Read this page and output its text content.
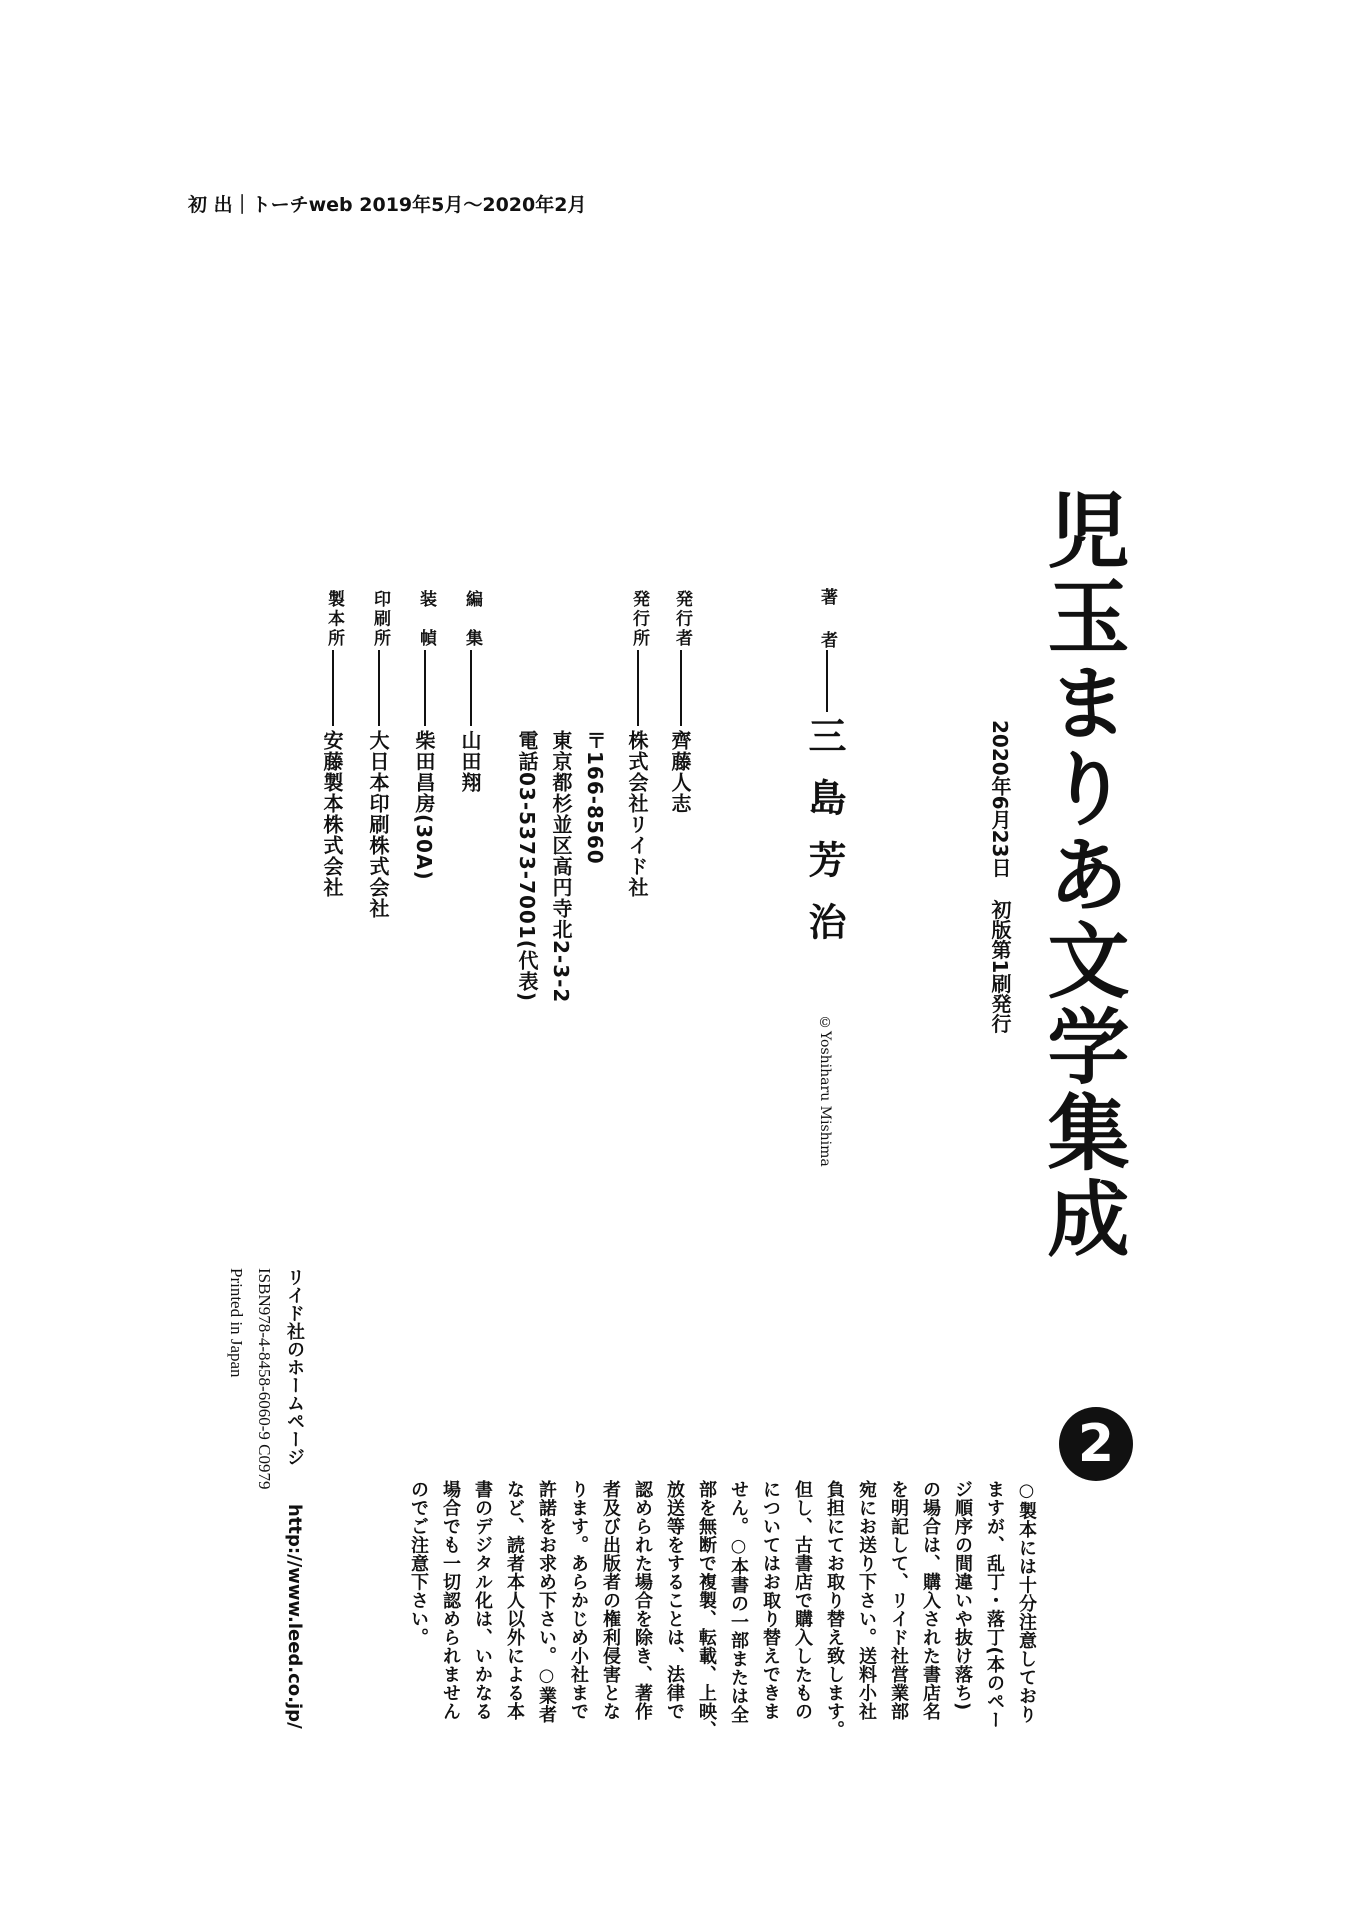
初 出｜トーチweb 2019年5月〜2020年2月
児玉まりあ文学集成
2
2020年6月23日初版第1刷発行
著　者
三島芳治
©Yoshiharu Mishima
発行者
齊藤人志
発行所
株式会社リイド社
〒166-8560
東京都杉並区高円寺北2-3-2
電話03-5373-7001(代表)
編　集
山田翔
装　幀
柴田昌房(30A)
印刷所
大日本印刷株式会社
製本所
安藤製本株式会社
○製本には十分注意しており
ますが、乱丁・落丁(本のペー
ジ順序の間違いや抜け落ち)
の場合は、購入された書店名
を明記して、リイド社営業部
宛にお送り下さい。送料小社
負担にてお取り替え致します。
但し、古書店で購入したもの
についてはお取り替えできま
せん。○本書の一部または全
部を無断で複製、転載、上映、
放送等をすることは、法律で
認められた場合を除き、著作
者及び出版者の権利侵害とな
ります。あらかじめ小社まで
許諾をお求め下さい。○業者
など、読者本人以外による本
書のデジタル化は、いかなる
場合でも一切認められません
のでご注意下さい。
リイド社のホームページhttp://www.leed.co.jp/
ISBN978-4-8458-6060-9 C0979
Printed in Japan
